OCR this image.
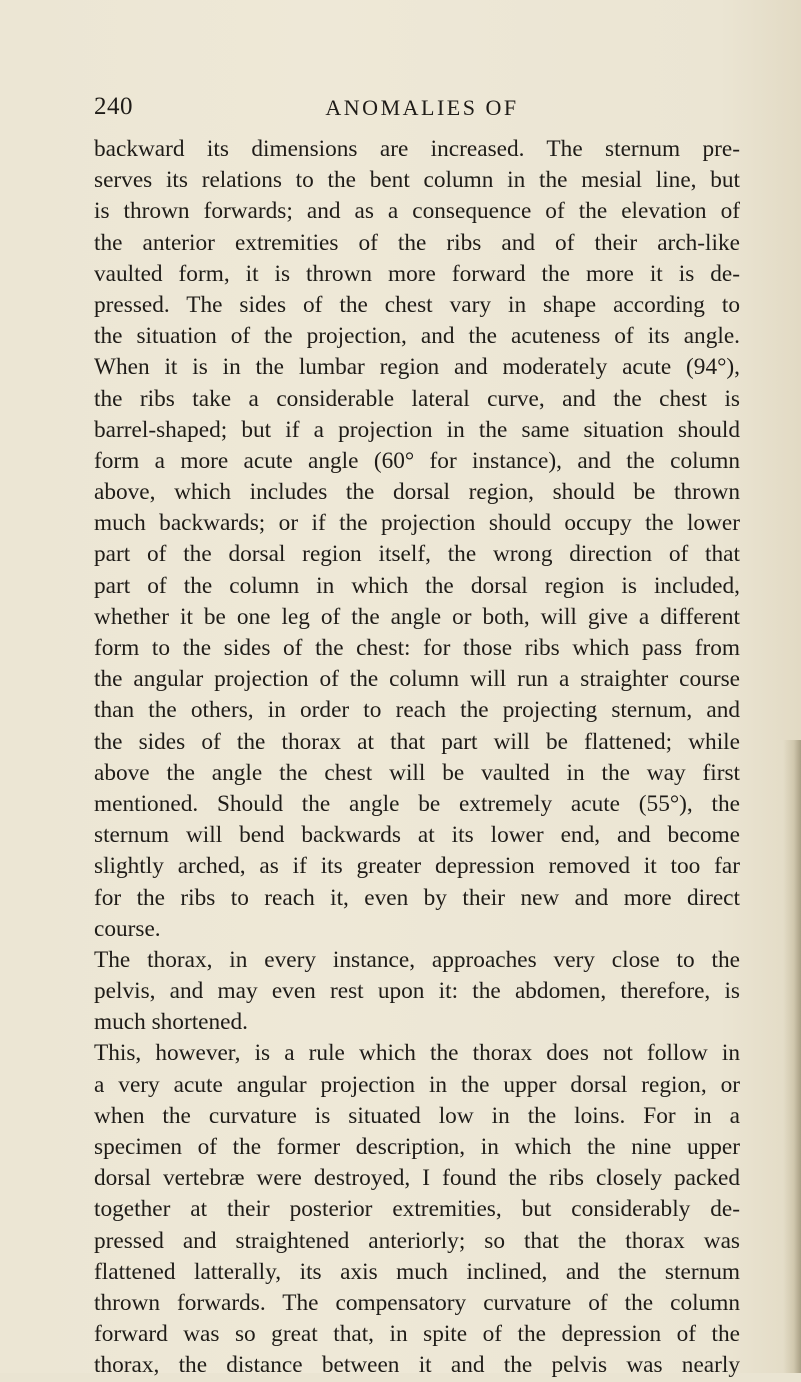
240	ANOMALIES OF
backward its dimensions are increased. The sternum pre-
serves its relations to the bent column in the mesial line, but
is thrown forwards; and as a consequence of the elevation of
the anterior extremities of the ribs and of their arch-like
vaulted form, it is thrown more forward the more it is de-
pressed. The sides of the chest vary in shape according to
the situation of the projection, and the acuteness of its angle.
When it is in the lumbar region and moderately acute (94°),
the ribs take a considerable lateral curve, and the chest is
barrel-shaped; but if a projection in the same situation should
form a more acute angle (60° for instance), and the column
above, which includes the dorsal region, should be thrown
much backwards; or if the projection should occupy the lower
part of the dorsal region itself, the wrong direction of that
part of the column in which the dorsal region is included,
whether it be one leg of the angle or both, will give a different
form to the sides of the chest: for those ribs which pass from
the angular projection of the column will run a straighter course
than the others, in order to reach the projecting sternum, and
the sides of the thorax at that part will be flattened; while
above the angle the chest will be vaulted in the way first
mentioned. Should the angle be extremely acute (55°), the
sternum will bend backwards at its lower end, and become
slightly arched, as if its greater depression removed it too far
for the ribs to reach it, even by their new and more direct
course.
The thorax, in every instance, approaches very close to the
pelvis, and may even rest upon it: the abdomen, therefore, is
much shortened.
This, however, is a rule which the thorax does not follow in
a very acute angular projection in the upper dorsal region, or
when the curvature is situated low in the loins. For in a
specimen of the former description, in which the nine upper
dorsal vertebræ were destroyed, I found the ribs closely packed
together at their posterior extremities, but considerably de-
pressed and straightened anteriorly; so that the thorax was
flattened latterally, its axis much inclined, and the sternum
thrown forwards. The compensatory curvature of the column
forward was so great that, in spite of the depression of the
thorax, the distance between it and the pelvis was nearly
